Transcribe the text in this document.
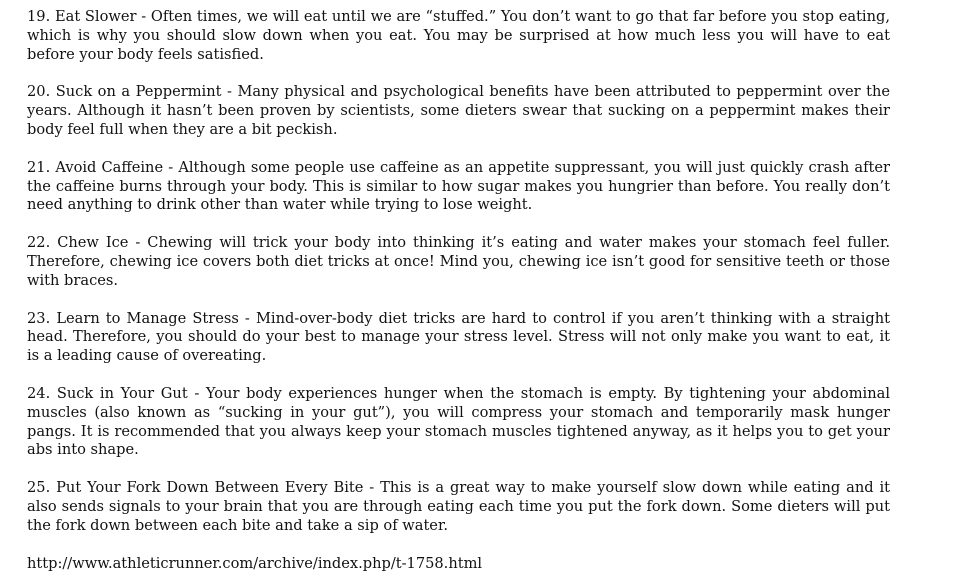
19. Eat Slower - Often times, we will eat until we are “stuffed.” You don’t want to go that far before you stop eating, which is why you should slow down when you eat. You may be surprised at how much less you will have to eat before your body feels satisfied.

20. Suck on a Peppermint - Many physical and psychological benefits have been attributed to peppermint over the years. Although it hasn’t been proven by scientists, some dieters swear that sucking on a peppermint makes their body feel full when they are a bit peckish.

21. Avoid Caffeine - Although some people use caffeine as an appetite suppressant, you will just quickly crash after the caffeine burns through your body. This is similar to how sugar makes you hungrier than before. You really don’t need anything to drink other than water while trying to lose weight.

22. Chew Ice - Chewing will trick your body into thinking it’s eating and water makes your stomach feel fuller. Therefore, chewing ice covers both diet tricks at once! Mind you, chewing ice isn’t good for sensitive teeth or those with braces.

23. Learn to Manage Stress - Mind-over-body diet tricks are hard to control if you aren’t thinking with a straight head. Therefore, you should do your best to manage your stress level. Stress will not only make you want to eat, it is a leading cause of overeating.

24. Suck in Your Gut - Your body experiences hunger when the stomach is empty. By tightening your abdominal muscles (also known as “sucking in your gut”), you will compress your stomach and temporarily mask hunger pangs. It is recommended that you always keep your stomach muscles tightened anyway, as it helps you to get your abs into shape.

25. Put Your Fork Down Between Every Bite - This is a great way to make yourself slow down while eating and it also sends signals to your brain that you are through eating each time you put the fork down. Some dieters will put the fork down between each bite and take a sip of water.

http://www.athleticrunner.com/archive/index.php/t-1758.html
